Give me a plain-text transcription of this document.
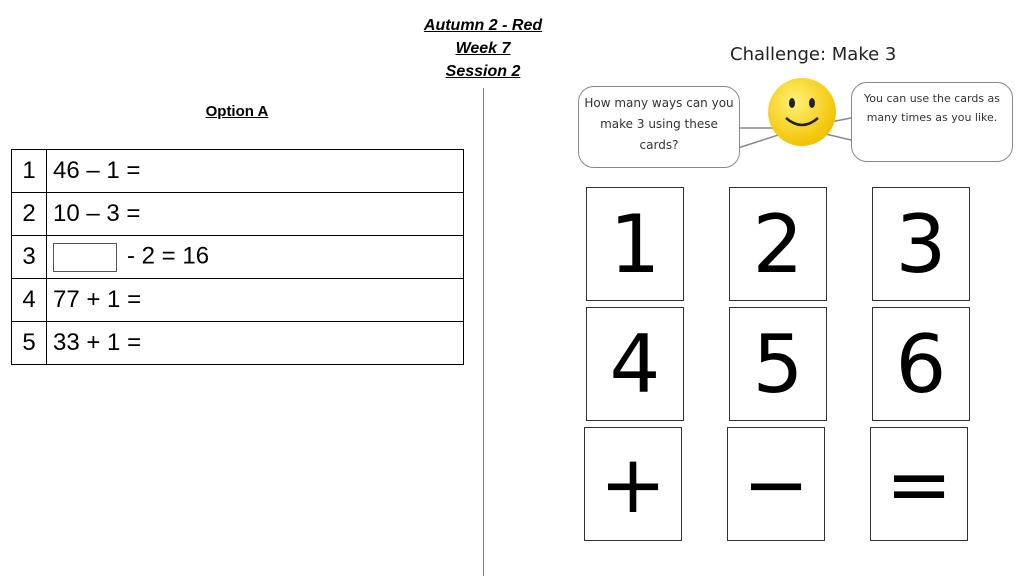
Autumn 2 - Red
Week 7
Session 2
Option A
1	46 – 1 =
2	10 – 3 =
3	- 2 = 16
4	77 + 1 =
5	33 + 1 =
Challenge: Make 3
How many ways can you make 3 using these cards?
You can use the cards as many times as you like.
1 2 3
4 5 6
+ − =
